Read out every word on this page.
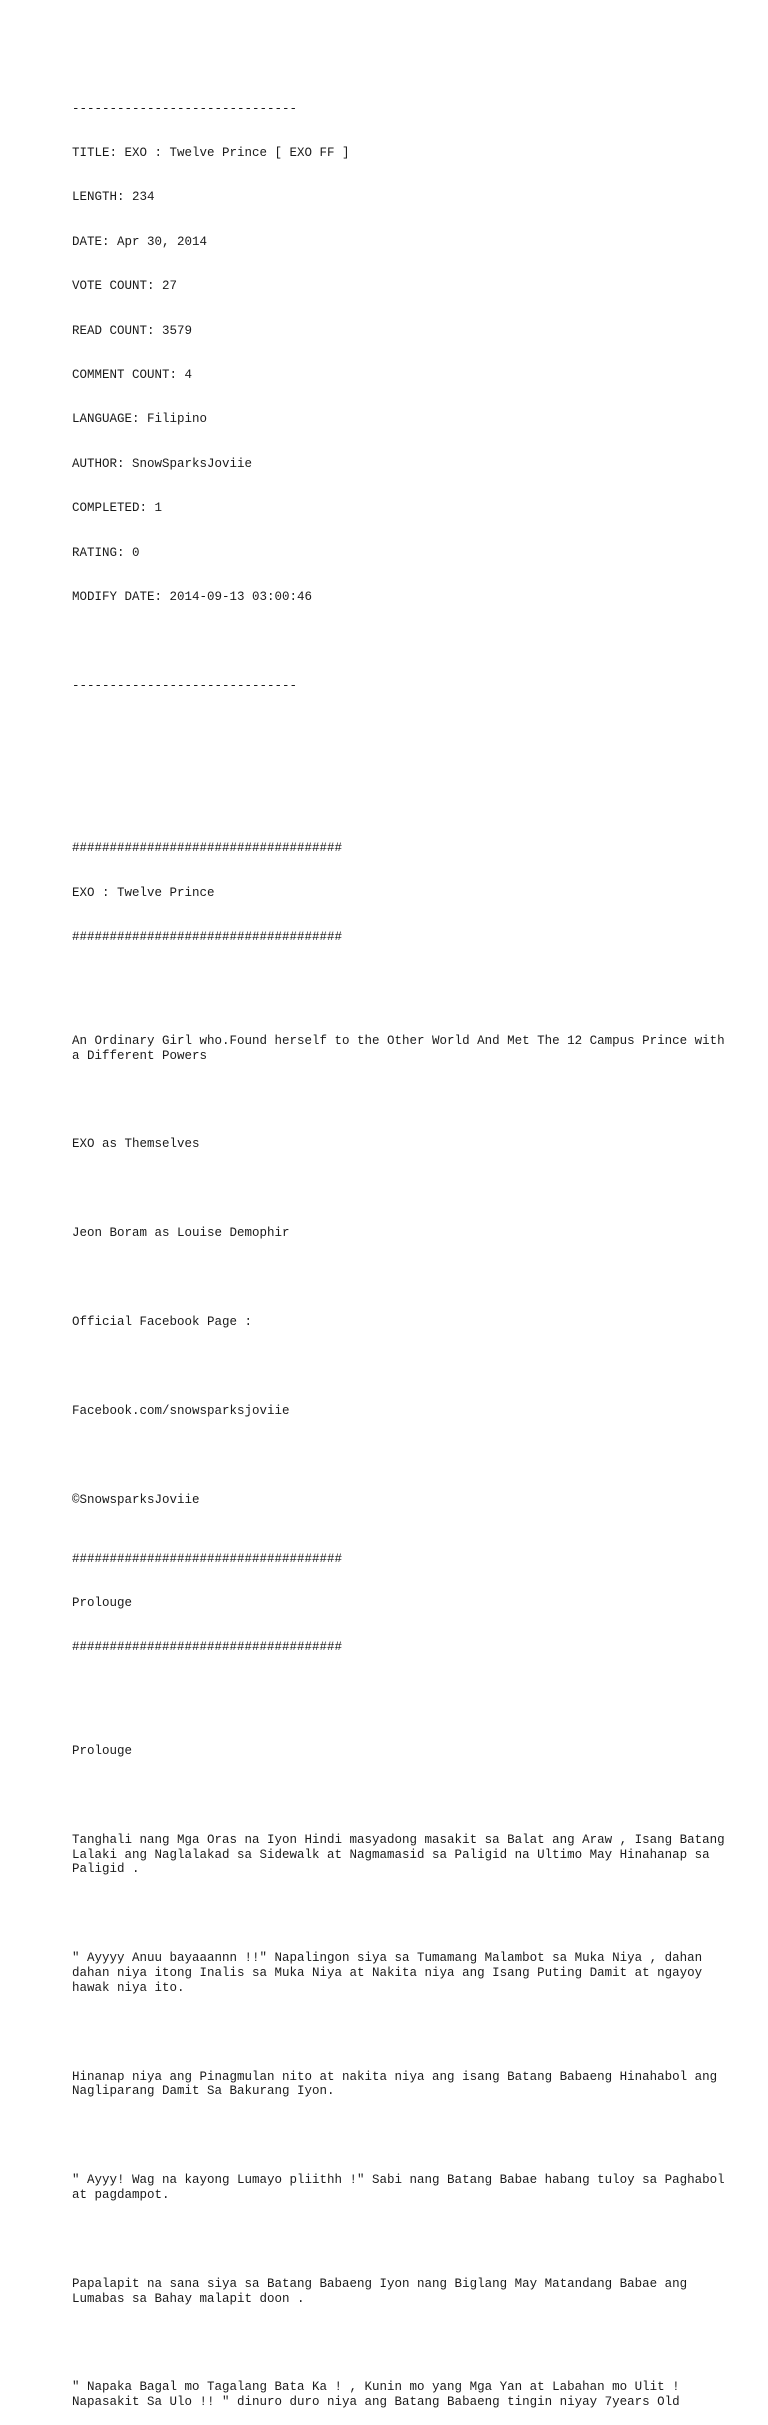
------------------------------

TITLE: EXO : Twelve Prince [ EXO FF ]

LENGTH: 234

DATE: Apr 30, 2014

VOTE COUNT: 27

READ COUNT: 3579

COMMENT COUNT: 4

LANGUAGE: Filipino

AUTHOR: SnowSparksJoviie

COMPLETED: 1

RATING: 0

MODIFY DATE: 2014-09-13 03:00:46

------------------------------

####################################

EXO : Twelve Prince

####################################

An Ordinary Girl who.Found herself to the Other World And Met The 12 Campus Prince with a Different Powers

EXO as Themselves

Jeon Boram as Louise Demophir

Official Facebook Page :

Facebook.com/snowsparksjoviie

©SnowsparksJoviie

####################################

Prolouge

####################################

Prolouge

Tanghali nang Mga Oras na Iyon Hindi masyadong masakit sa Balat ang Araw , Isang Batang Lalaki ang Naglalakad sa Sidewalk at Nagmamasid sa Paligid na Ultimo May Hinahanap sa Paligid .

" Ayyyy Anuu bayaaannn !!" Napalingon siya sa Tumamang Malambot sa Muka Niya , dahan dahan niya itong Inalis sa Muka Niya at Nakita niya ang Isang Puting Damit at ngayoy hawak niya ito.

Hinanap niya ang Pinagmulan nito at nakita niya ang isang Batang Babaeng Hinahabol ang Nagliparang Damit Sa Bakurang Iyon.

" Ayyy! Wag na kayong Lumayo pliithh !" Sabi nang Batang Babae habang tuloy sa Paghabol at pagdampot.

Papalapit na sana siya sa Batang Babaeng Iyon nang Biglang May Matandang Babae ang Lumabas sa Bahay malapit doon .

" Napaka Bagal mo Tagalang Bata Ka ! , Kunin mo yang Mga Yan at Labahan mo Ulit ! Napasakit Sa Ulo !! " dinuro duro niya ang Batang Babaeng tingin niyay 7years Old
